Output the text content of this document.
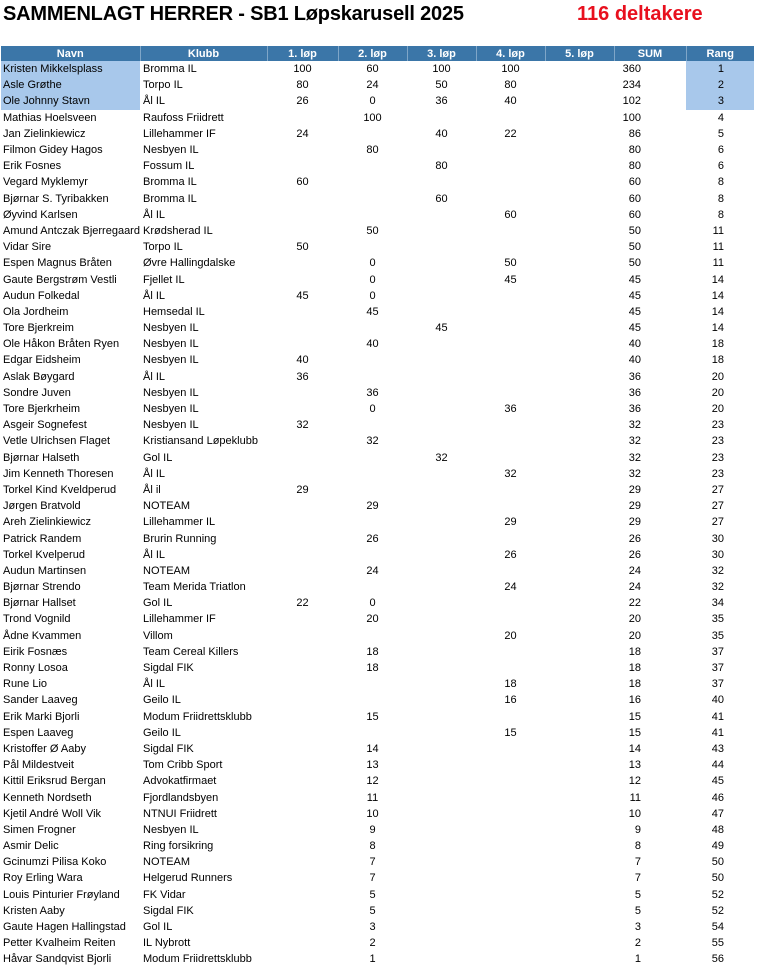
SAMMENLAGT HERRER - SB1 Løpskarusell 2025	116 deltakere
Navn	Klubb	1. løp	2. løp	3. løp	4. løp	5. løp	SUM	Rang
Kristen Mikkelsplass	Bromma IL	100	60	100	100		360	1
Asle Grøthe	Torpo IL	80	24	50	80		234	2
Ole Johnny Stavn	Ål IL	26	0	36	40		102	3
Mathias Hoelsveen	Raufoss Friidrett		100				100	4
Jan Zielinkiewicz	Lillehammer IF	24		40	22		86	5
Filmon Gidey Hagos	Nesbyen IL		80				80	6
Erik Fosnes	Fossum IL			80			80	6
Vegard Myklemyr	Bromma IL	60					60	8
Bjørnar S. Tyribakken	Bromma IL			60			60	8
Øyvind Karlsen	Ål IL				60		60	8
Amund Antczak Bjerregaard	Krødsherad IL		50				50	11
Vidar Sire	Torpo IL	50					50	11
Espen Magnus Bråten	Øvre Hallingdalske		0		50		50	11
Gaute Bergstrøm Vestli	Fjellet IL		0		45		45	14
Audun Folkedal	Ål IL	45	0				45	14
Ola Jordheim	Hemsedal IL		45				45	14
Tore Bjerkreim	Nesbyen IL			45			45	14
Ole Håkon Bråten Ryen	Nesbyen IL		40				40	18
Edgar Eidsheim	Nesbyen IL	40					40	18
Aslak Bøygard	Ål IL	36					36	20
Sondre Juven	Nesbyen IL		36				36	20
Tore Bjerkrheim	Nesbyen IL		0		36		36	20
Asgeir Sognefest	Nesbyen IL	32					32	23
Vetle Ulrichsen Flaget	Kristiansand Løpeklubb		32				32	23
Bjørnar Halseth	Gol IL			32			32	23
Jim Kenneth Thoresen	Ål IL				32		32	23
Torkel Kind Kveldperud	Ål il	29					29	27
Jørgen Bratvold	NOTEAM		29				29	27
Areh Zielinkiewicz	Lillehammer IL				29		29	27
Patrick Randem	Brurin Running		26				26	30
Torkel Kvelperud	Ål IL				26		26	30
Audun Martinsen	NOTEAM		24				24	32
Bjørnar Strendo	Team Merida Triatlon				24		24	32
Bjørnar Hallset	Gol IL	22	0				22	34
Trond Vognild	Lillehammer IF		20				20	35
Ådne Kvammen	Villom				20		20	35
Eirik Fosnæs	Team Cereal Killers		18				18	37
Ronny Losoa	Sigdal FIK		18				18	37
Rune Lio	Ål IL				18		18	37
Sander Laaveg	Geilo IL				16		16	40
Erik Marki Bjorli	Modum Friidrettsklubb		15				15	41
Espen Laaveg	Geilo IL				15		15	41
Kristoffer Ø Aaby	Sigdal FIK		14				14	43
Pål Mildestveit	Tom Cribb Sport		13				13	44
Kittil Eriksrud Bergan	Advokatfirmaet		12				12	45
Kenneth Nordseth	Fjordlandsbyen		11				11	46
Kjetil André Woll Vik	NTNUI Friidrett		10				10	47
Simen Frogner	Nesbyen IL		9				9	48
Asmir Delic	Ring forsikring		8				8	49
Gcinumzi Pilisa Koko	NOTEAM		7				7	50
Roy Erling Wara	Helgerud Runners		7				7	50
Louis Pinturier Frøyland	FK Vidar		5				5	52
Kristen Aaby	Sigdal FIK		5				5	52
Gaute Hagen Hallingstad	Gol IL		3				3	54
Petter Kvalheim Reiten	IL Nybrott		2				2	55
Håvar Sandqvist Bjorli	Modum Friidrettsklubb		1				1	56
